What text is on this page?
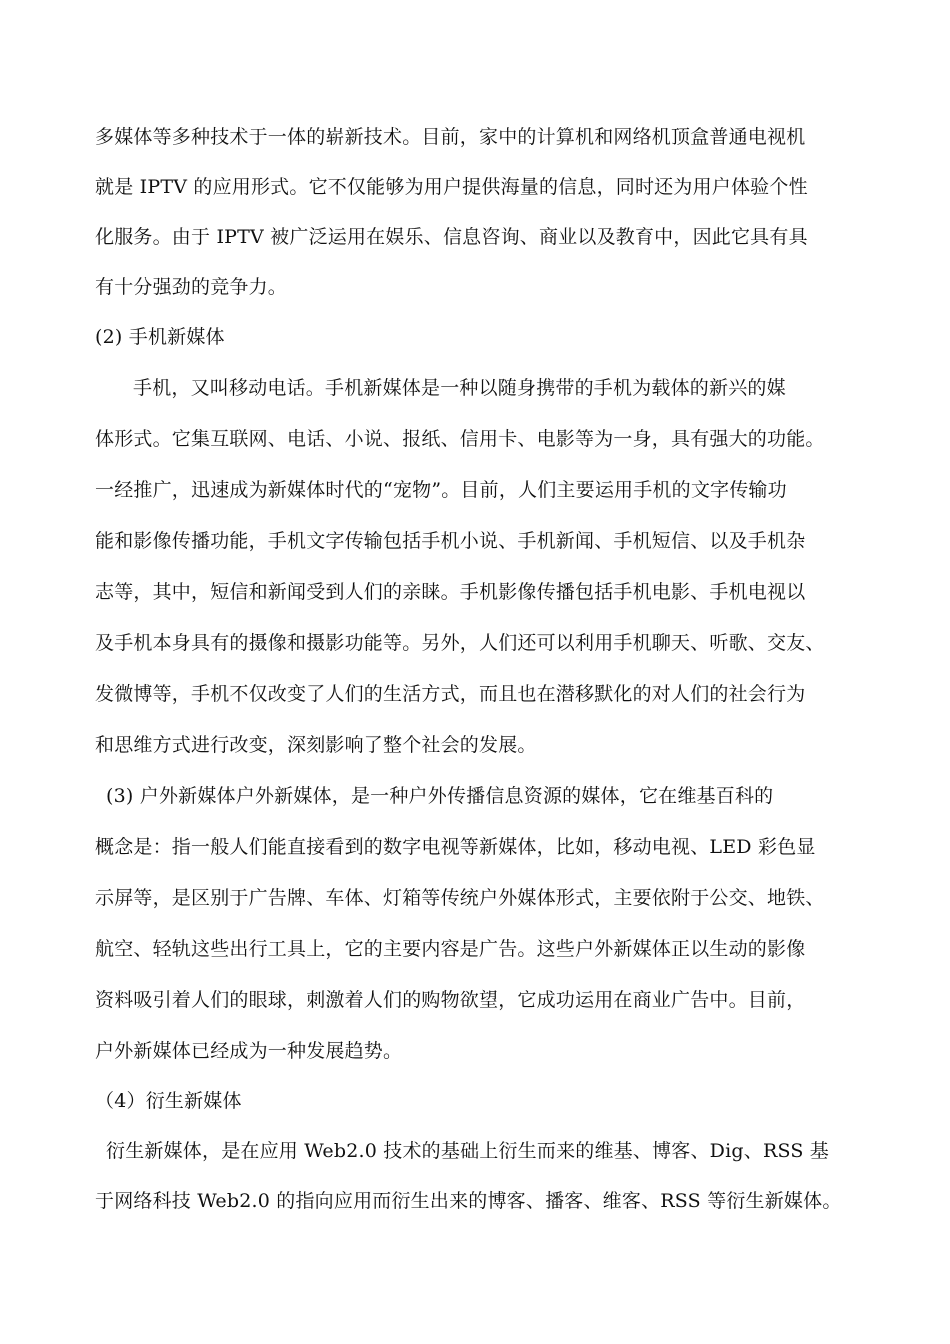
多媒体等多种技术于一体的崭新技术。目前，家中的计算机和网络机顶盒普通电视机
就是 IPTV 的应用形式。它不仅能够为用户提供海量的信息，同时还为用户体验个性
化服务。由于 IPTV 被广泛运用在娱乐、信息咨询、商业以及教育中，因此它具有具
有十分强劲的竞争力。
(2) 手机新媒体
手机，又叫移动电话。手机新媒体是一种以随身携带的手机为载体的新兴的媒
体形式。它集互联网、电话、小说、报纸、信用卡、电影等为一身，具有强大的功能。
一经推广，迅速成为新媒体时代的“宠物”。目前，人们主要运用手机的文字传输功
能和影像传播功能，手机文字传输包括手机小说、手机新闻、手机短信、以及手机杂
志等，其中，短信和新闻受到人们的亲睐。手机影像传播包括手机电影、手机电视以
及手机本身具有的摄像和摄影功能等。另外，人们还可以利用手机聊天、听歌、交友、
发微博等，手机不仅改变了人们的生活方式，而且也在潜移默化的对人们的社会行为
和思维方式进行改变，深刻影响了整个社会的发展。
(3) 户外新媒体户外新媒体，是一种户外传播信息资源的媒体，它在维基百科的
概念是：指一般人们能直接看到的数字电视等新媒体，比如，移动电视、LED 彩色显
示屏等，是区别于广告牌、车体、灯箱等传统户外媒体形式，主要依附于公交、地铁、
航空、轻轨这些出行工具上，它的主要内容是广告。这些户外新媒体正以生动的影像
资料吸引着人们的眼球，刺激着人们的购物欲望，它成功运用在商业广告中。目前，
户外新媒体已经成为一种发展趋势。
（4）衍生新媒体
衍生新媒体，是在应用 Web2.0 技术的基础上衍生而来的维基、博客、Dig、RSS 基
于网络科技 Web2.0 的指向应用而衍生出来的博客、播客、维客、RSS 等衍生新媒体。
